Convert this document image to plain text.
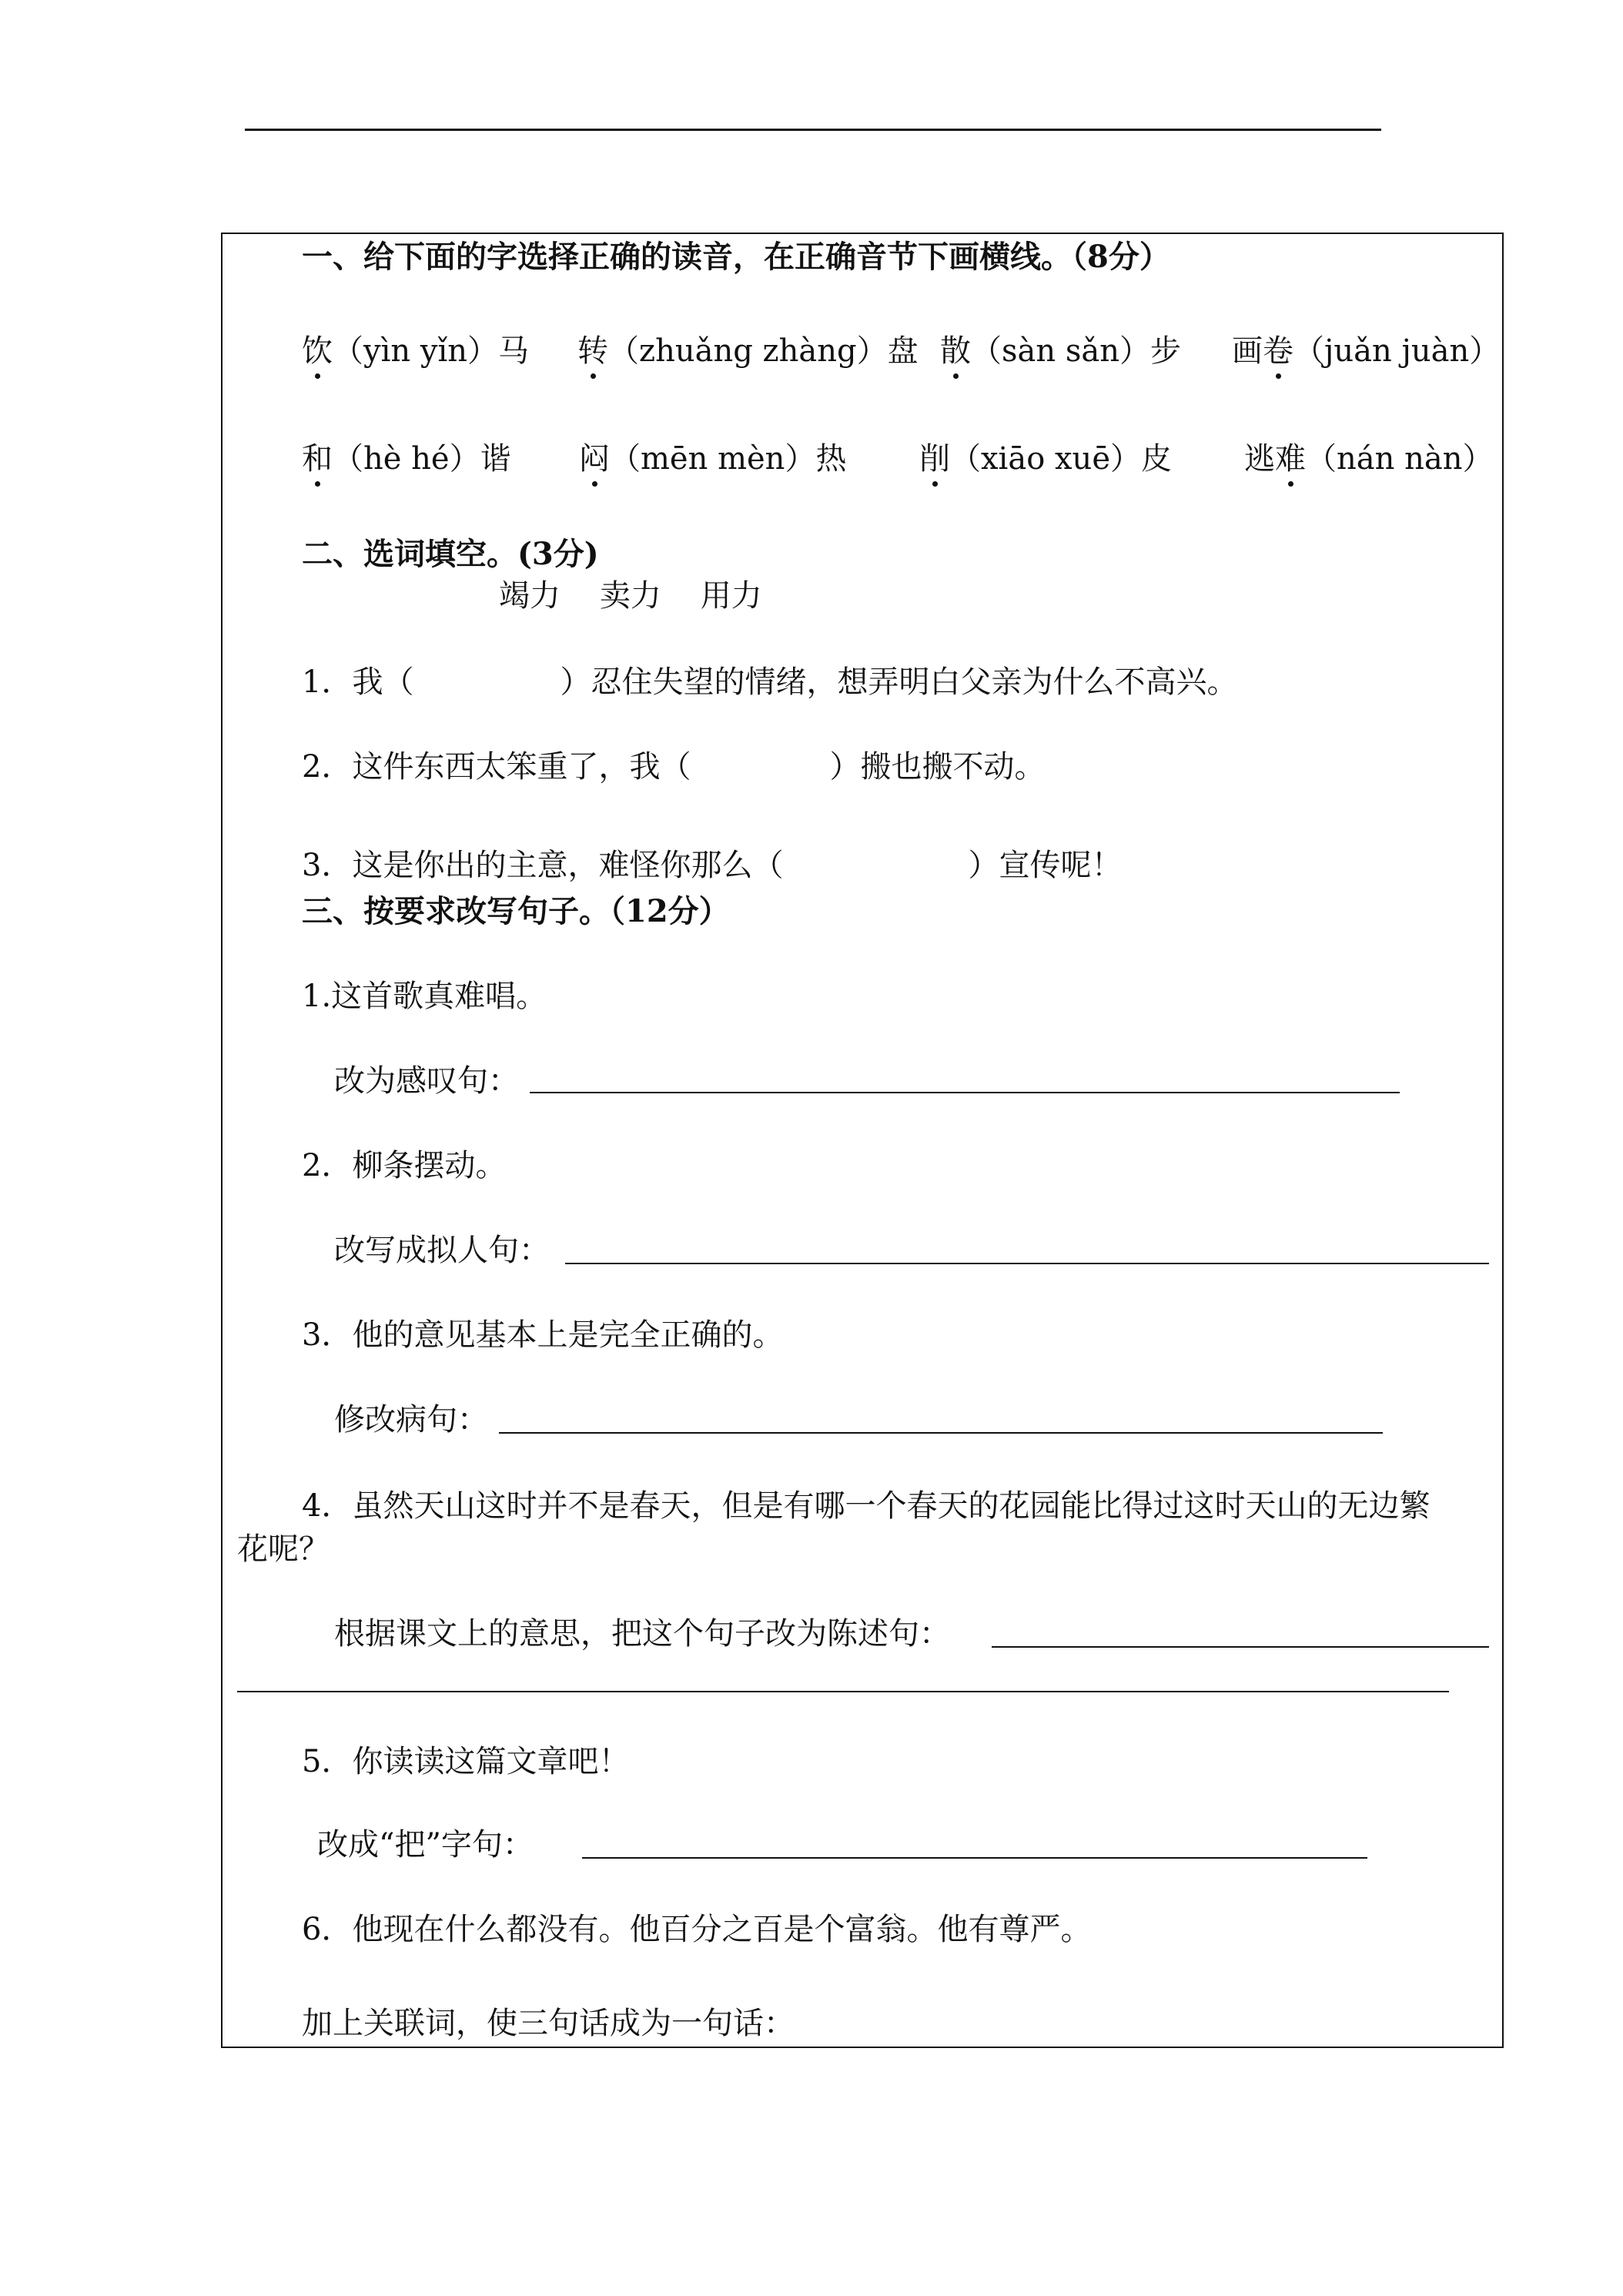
一、给下面的字选择正确的读音，在正确音节下画横线。（8分）
饮（yìn yǐn）马 转（zhuǎng zhàng）盘 散（sàn sǎn）步 画卷（juǎn juàn）
和（hè hé）谐 闷（mēn mèn）热 削（xiāo xuē）皮 逃难（nán nàn）
二、选词填空。(3分)
竭力    卖力    用力
1．我（	）忍住失望的情绪，想弄明白父亲为什么不高兴。
2．这件东西太笨重了，我（	）搬也搬不动。
3．这是你出的主意，难怪你那么（	）宣传呢！
三、按要求改写句子。（12分）
1.这首歌真难唱。
改为感叹句：
2．柳条摆动。
改写成拟人句：
3．他的意见基本上是完全正确的。
修改病句：
4．虽然天山这时并不是春天，但是有哪一个春天的花园能比得过这时天山的无边繁
花呢？
根据课文上的意思，把这个句子改为陈述句：
5．你读读这篇文章吧！
改成“把”字句：
6．他现在什么都没有。他百分之百是个富翁。他有尊严。
加上关联词，使三句话成为一句话：
